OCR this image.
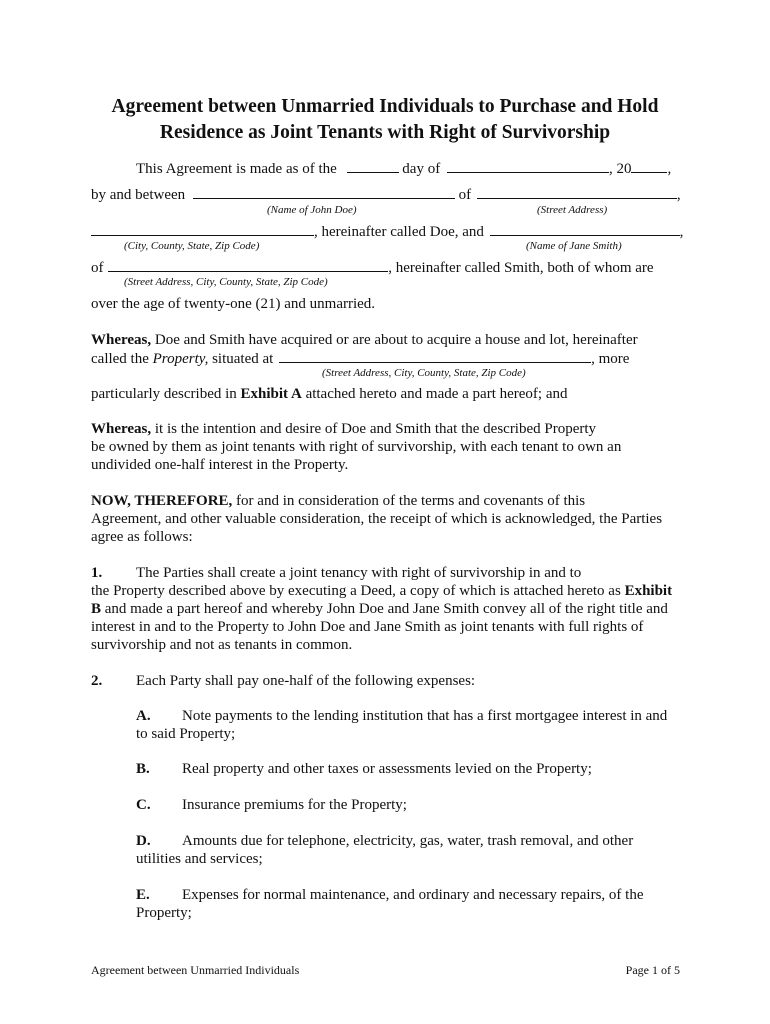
Agreement between Unmarried Individuals to Purchase and Hold
Residence as Joint Tenants with Right of Survivorship
This Agreement is made as of the	day of	, 20 ,
by and between	of	,
(Name of John Doe)	(Street Address)
, hereinafter called Doe, and	,
(City, County, State, Zip Code)	(Name of Jane Smith)
of	, hereinafter called Smith, both of whom are
(Street Address, City, County, State, Zip Code)
over the age of twenty-one (21) and unmarried.
Whereas, Doe and Smith have acquired or are about to acquire a house and lot, hereinafter
called the Property, situated at	, more
(Street Address, City, County, State, Zip Code)
particularly described in Exhibit A attached hereto and made a part hereof; and
Whereas, it is the intention and desire of Doe and Smith that the described Property
be owned by them as joint tenants with right of survivorship, with each tenant to own an
undivided one-half interest in the Property.
NOW, THEREFORE, for and in consideration of the terms and covenants of this
Agreement, and other valuable consideration, the receipt of which is acknowledged, the Parties
agree as follows:
1. The Parties shall create a joint tenancy with right of survivorship in and to
the Property described above by executing a Deed, a copy of which is attached hereto as Exhibit
B and made a part hereof and whereby John Doe and Jane Smith convey all of the right title and
interest in and to the Property to John Doe and Jane Smith as joint tenants with full rights of
survivorship and not as tenants in common.
2. Each Party shall pay one-half of the following expenses:
A. Note payments to the lending institution that has a first mortgagee interest in and
to said Property;
B. Real property and other taxes or assessments levied on the Property;
C. Insurance premiums for the Property;
D. Amounts due for telephone, electricity, gas, water, trash removal, and other
utilities and services;
E. Expenses for normal maintenance, and ordinary and necessary repairs, of the
Property;
Agreement between Unmarried Individuals	Page 1 of 5
